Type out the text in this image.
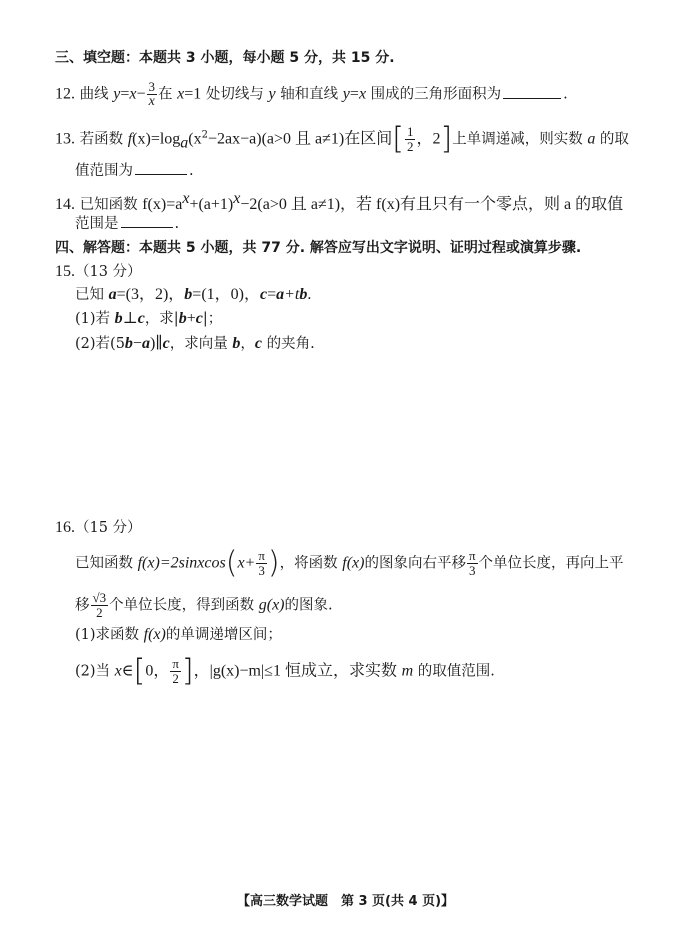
三、填空题：本题共 3 小题，每小题 5 分，共 15 分.
12. 曲线 $y=x- \frac{3}{x}$ 在 x=1 处切线与 y 轴和直线 y=x 围成的三角形面积为	.
13. 若函数 $f(x)=\log_a(x^2-2ax-a)(a>0$ 且 a≠1)在区间[ $\frac{1}{2}$ ，2]上单调递减，则实数 a 的取
值范围为	.
14. 已知函数 $f(x)=a^x+(a+1)^x-2(a>0$ 且 a≠1)，若 f(x)有且只有一个零点，则 a 的取值
范围是	.
四、解答题：本题共 5 小题，共 77 分. 解答应写出文字说明、证明过程或演算步骤.
15.（13 分）
已知 a=(3，2)，b=(1，0)，c=a+tb.
(1)若 b⊥c，求|b+c|；
(2)若(5b−a)∥c，求向量 b，c 的夹角.
16.（15 分）
已知函数 f(x)=2sinxcos(x+ $\frac{\pi}{3}$ )，将函数 f(x)的图象向右平移 $\frac{\pi}{3}$ 个单位长度，再向上平
移 $\frac{√3}{2}$ 个单位长度，得到函数 g(x)的图象.
(1)求函数 f(x)的单调递增区间；
(2)当 x∈[0， $\frac{\pi}{2}$ ]，|g(x)−m|≤1 恒成立，求实数 m 的取值范围.
【高三数学试题　第 3 页(共 4 页)】
